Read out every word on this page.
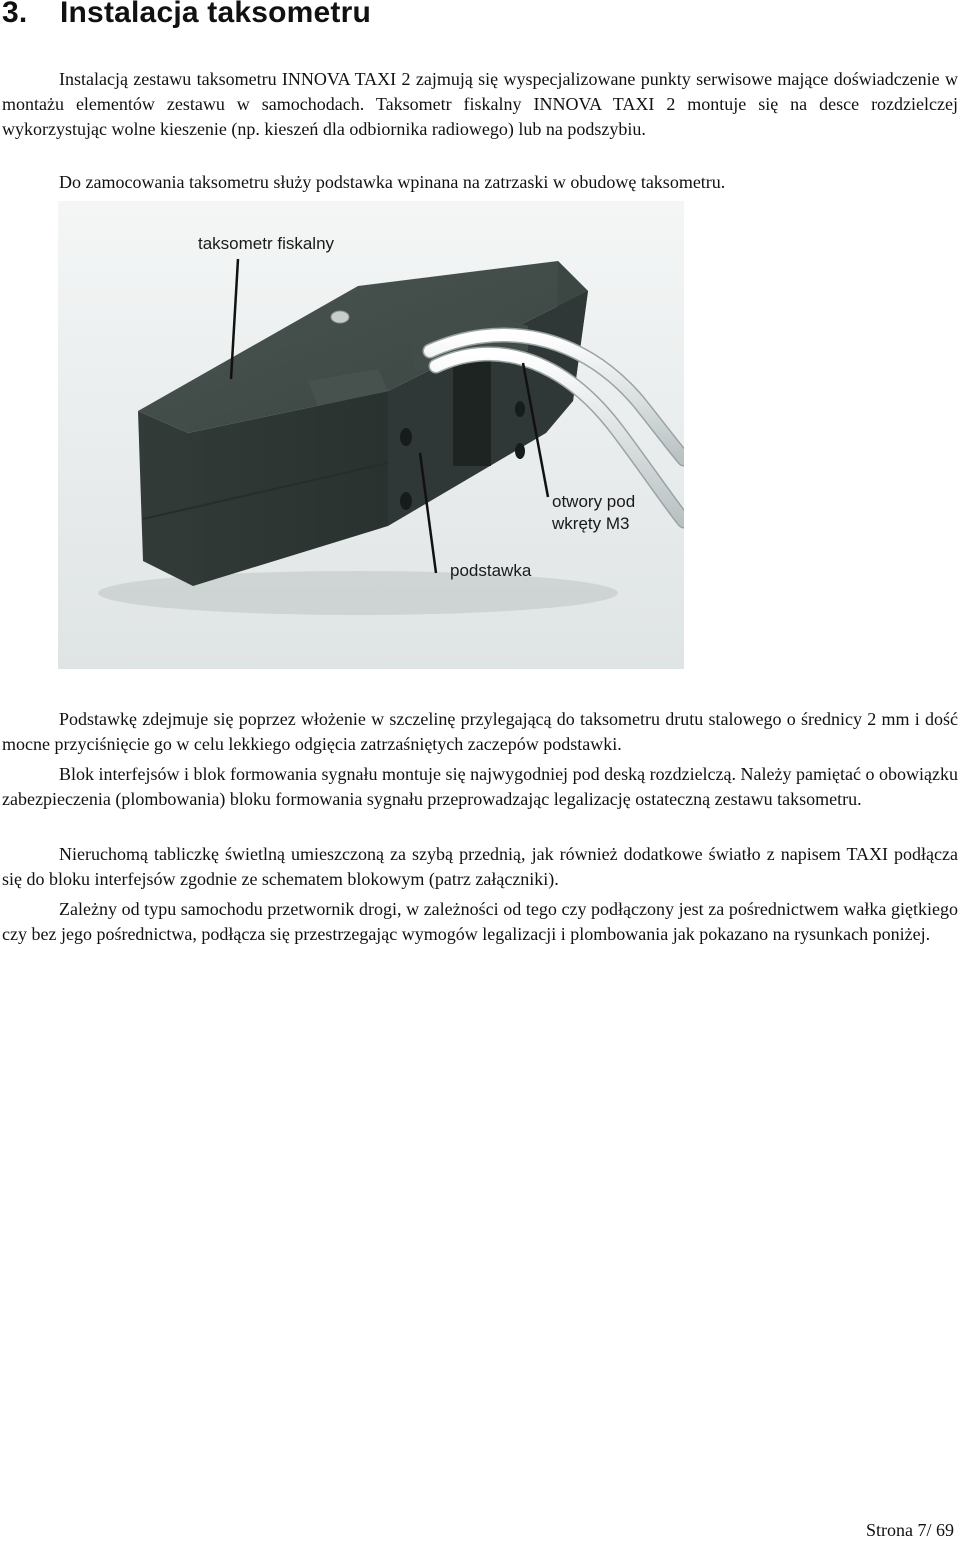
3. Instalacja taksometru

Instalacją zestawu taksometru INNOVA TAXI 2 zajmują się wyspecjalizowane punkty serwisowe mające doświadczenie w montażu elementów zestawu w samochodach. Taksometr fiskalny INNOVA TAXI 2 montuje się na desce rozdzielczej wykorzystując wolne kieszenie (np. kieszeń dla odbiornika radiowego) lub na podszybiu.

Do zamocowania taksometru służy podstawka wpinana na zatrzaski w obudowę taksometru.

taksometr fiskalny
otwory pod
wkręty M3
podstawka

Podstawkę zdejmuje się poprzez włożenie w szczelinę przylegającą do taksometru drutu stalowego o średnicy 2 mm i dość mocne przyciśnięcie go w celu lekkiego odgięcia zatrzaśniętych zaczepów podstawki.

Blok interfejsów i blok formowania sygnału montuje się najwygodniej pod deską rozdzielczą. Należy pamiętać o obowiązku zabezpieczenia (plombowania) bloku formowania sygnału przeprowadzając legalizację ostateczną zestawu taksometru.

Nieruchomą tabliczkę świetlną umieszczoną za szybą przednią, jak również dodatkowe światło z napisem TAXI podłącza się do bloku interfejsów zgodnie ze schematem blokowym (patrz załączniki).

Zależny od typu samochodu przetwornik drogi, w zależności od tego czy podłączony jest za pośrednictwem wałka giętkiego czy bez jego pośrednictwa, podłącza się przestrzegając wymogów legalizacji i plombowania jak pokazano na rysunkach poniżej.

Strona 7/ 69
